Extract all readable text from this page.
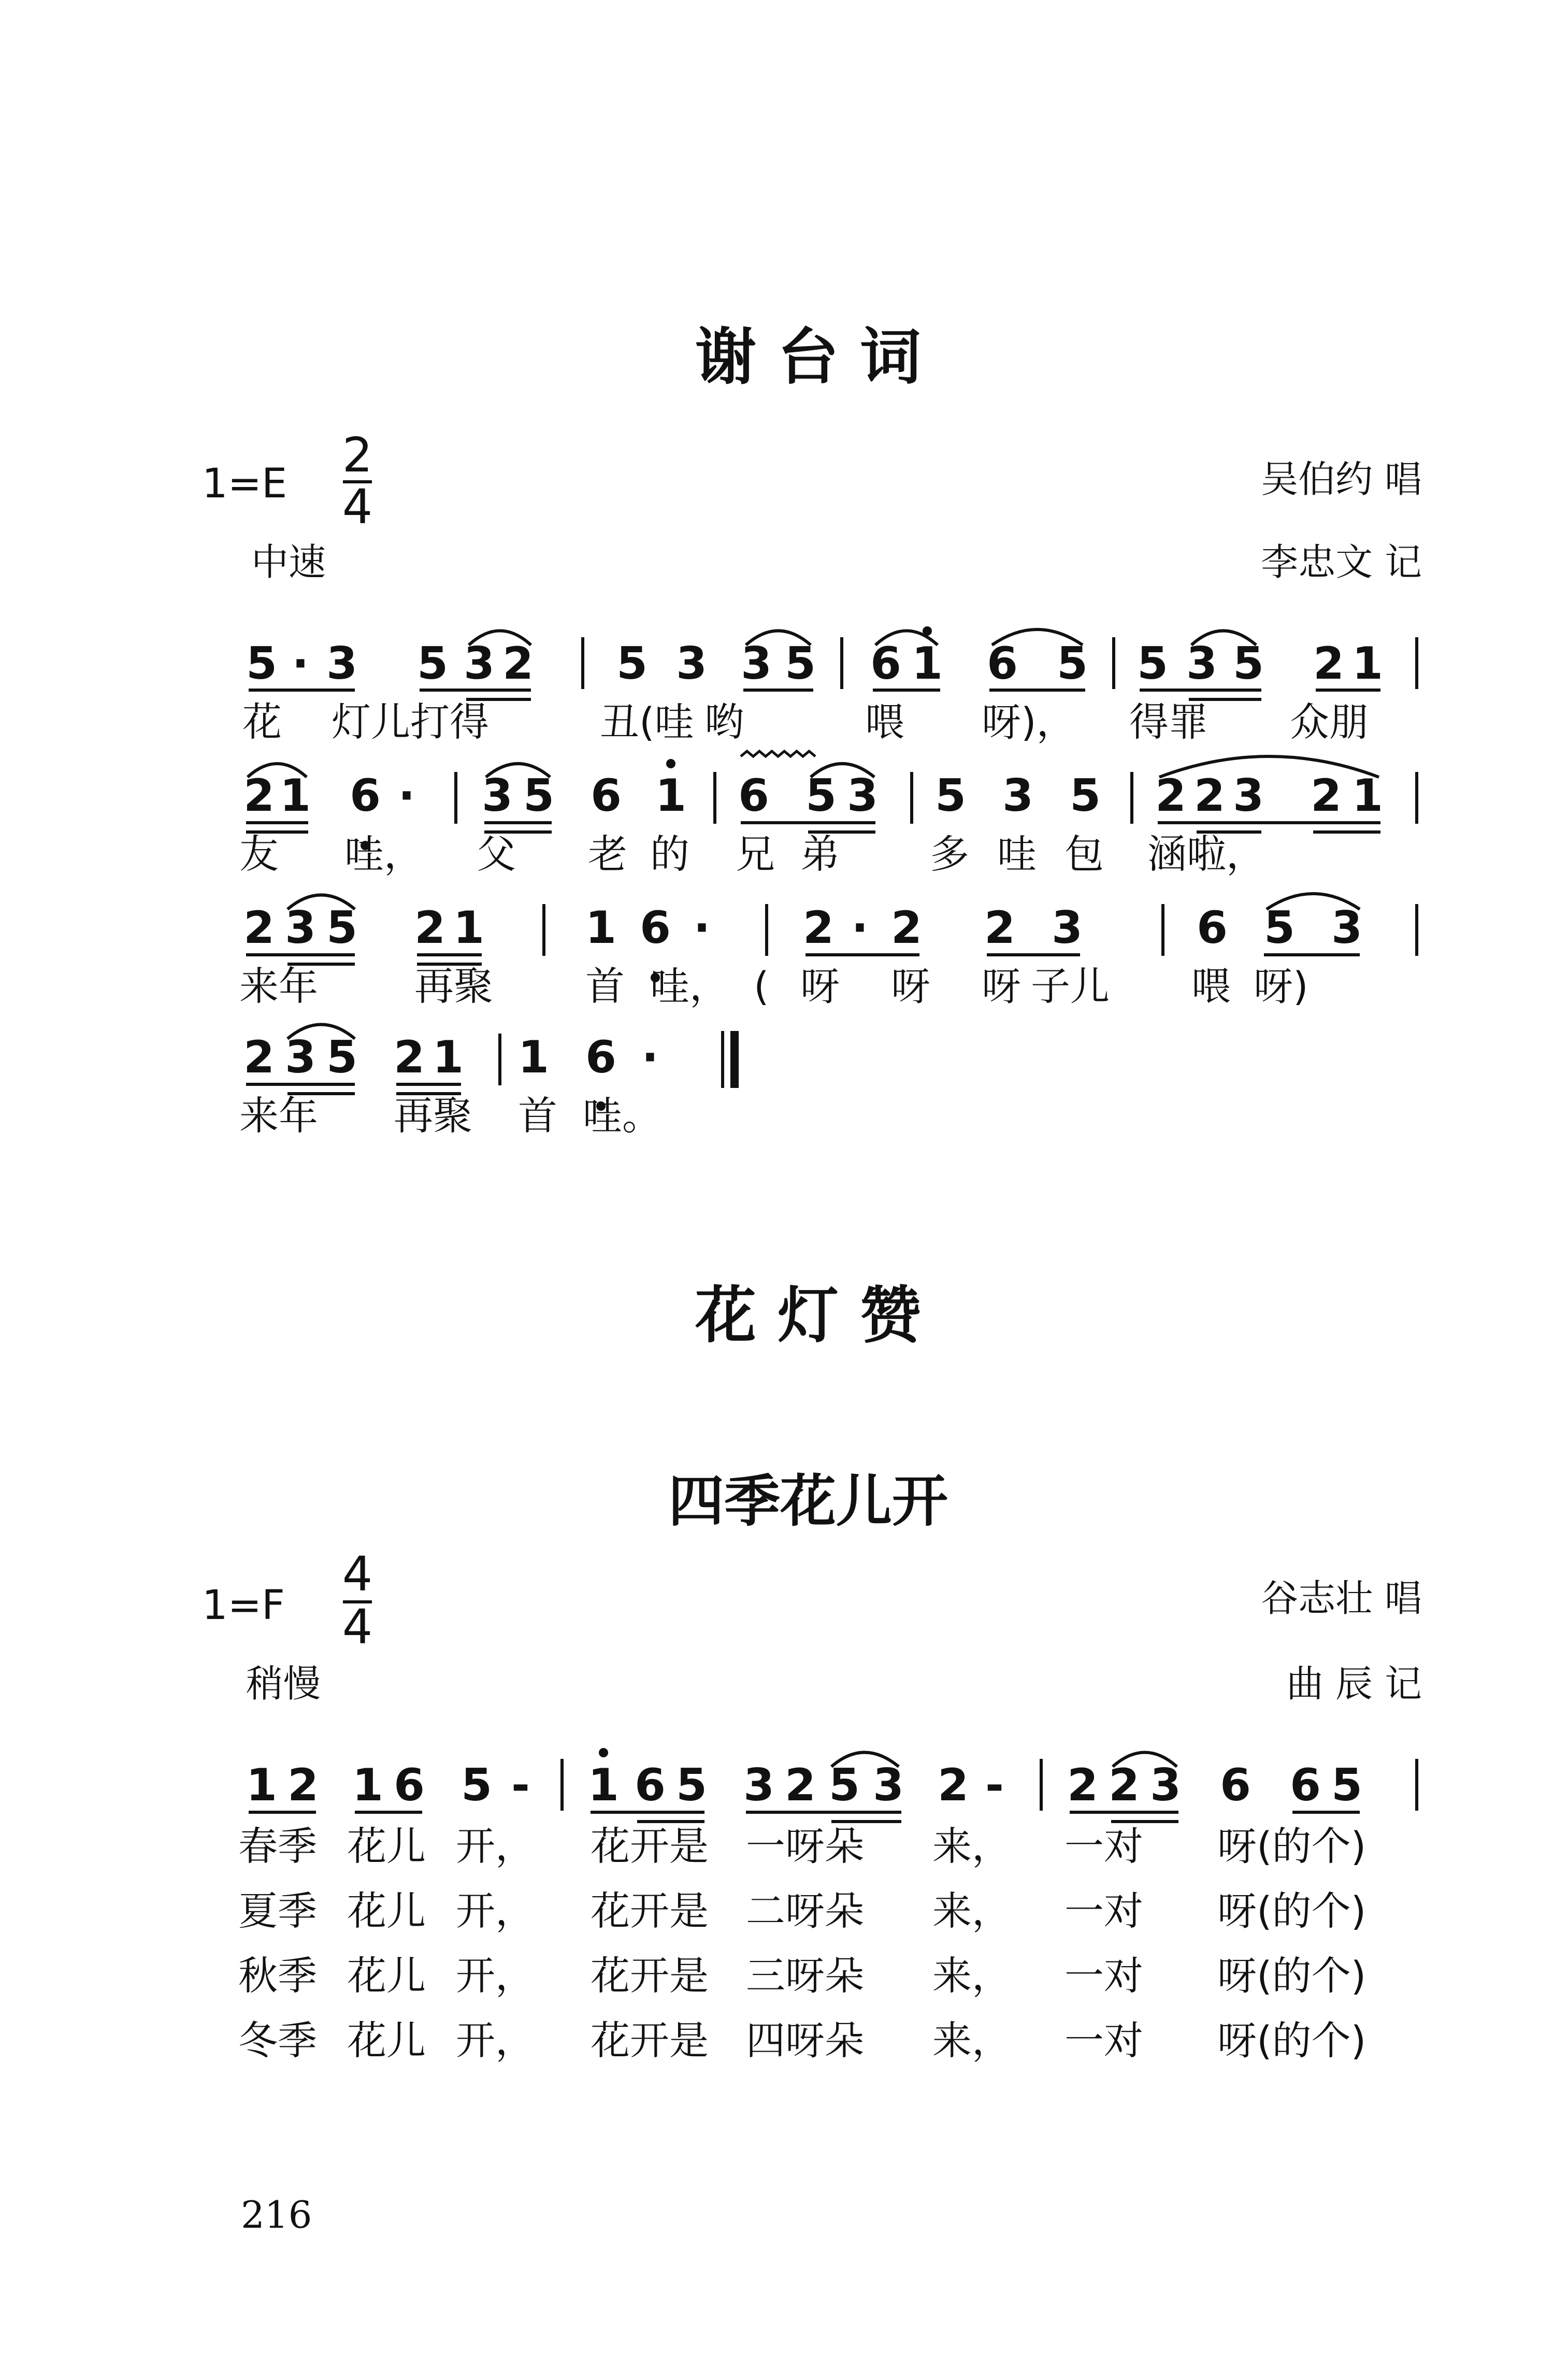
谢 台 词
1=E
2
4	吴伯约 唱
中速	李忠文 记
5 · 3 5 3 2 5 3 3 5 6 1 6 5 5 3 5 2 1
花 灯儿打得	丑(哇 哟	喂 呀)， 得罪 众朋
2 1 6 · 3 5 6 1 6 5 3 5 3 5 2 2 3 2 1
友 哇， 父 老 的 兄 弟 多 哇 包 涵啦，
2 3 5 2 1 1 6 · 2 · 2 2 3	6 5 3
来年 再聚 首 哇， ( 呀 呀 呀 子儿 喂 呀)
2 3 5 2 1 1 6 ·
来年 再聚 首 哇。
花 灯 赞
四季花儿开
1=F
4
4
谷志壮 唱
稍慢	曲 辰 记
1 2 1 6 5 - 1 6 5 3 2 5 3 2 - 2 2 3 6 6 5
春季 花儿 开， 花开是 一呀朵 来， 一对 呀(的个)
夏季 花儿 开， 花开是 二呀朵 来， 一对 呀(的个)
秋季 花儿 开， 花开是 三呀朵 来， 一对 呀(的个)
冬季 花儿 开， 花开是 四呀朵 来， 一对 呀(的个)
216
